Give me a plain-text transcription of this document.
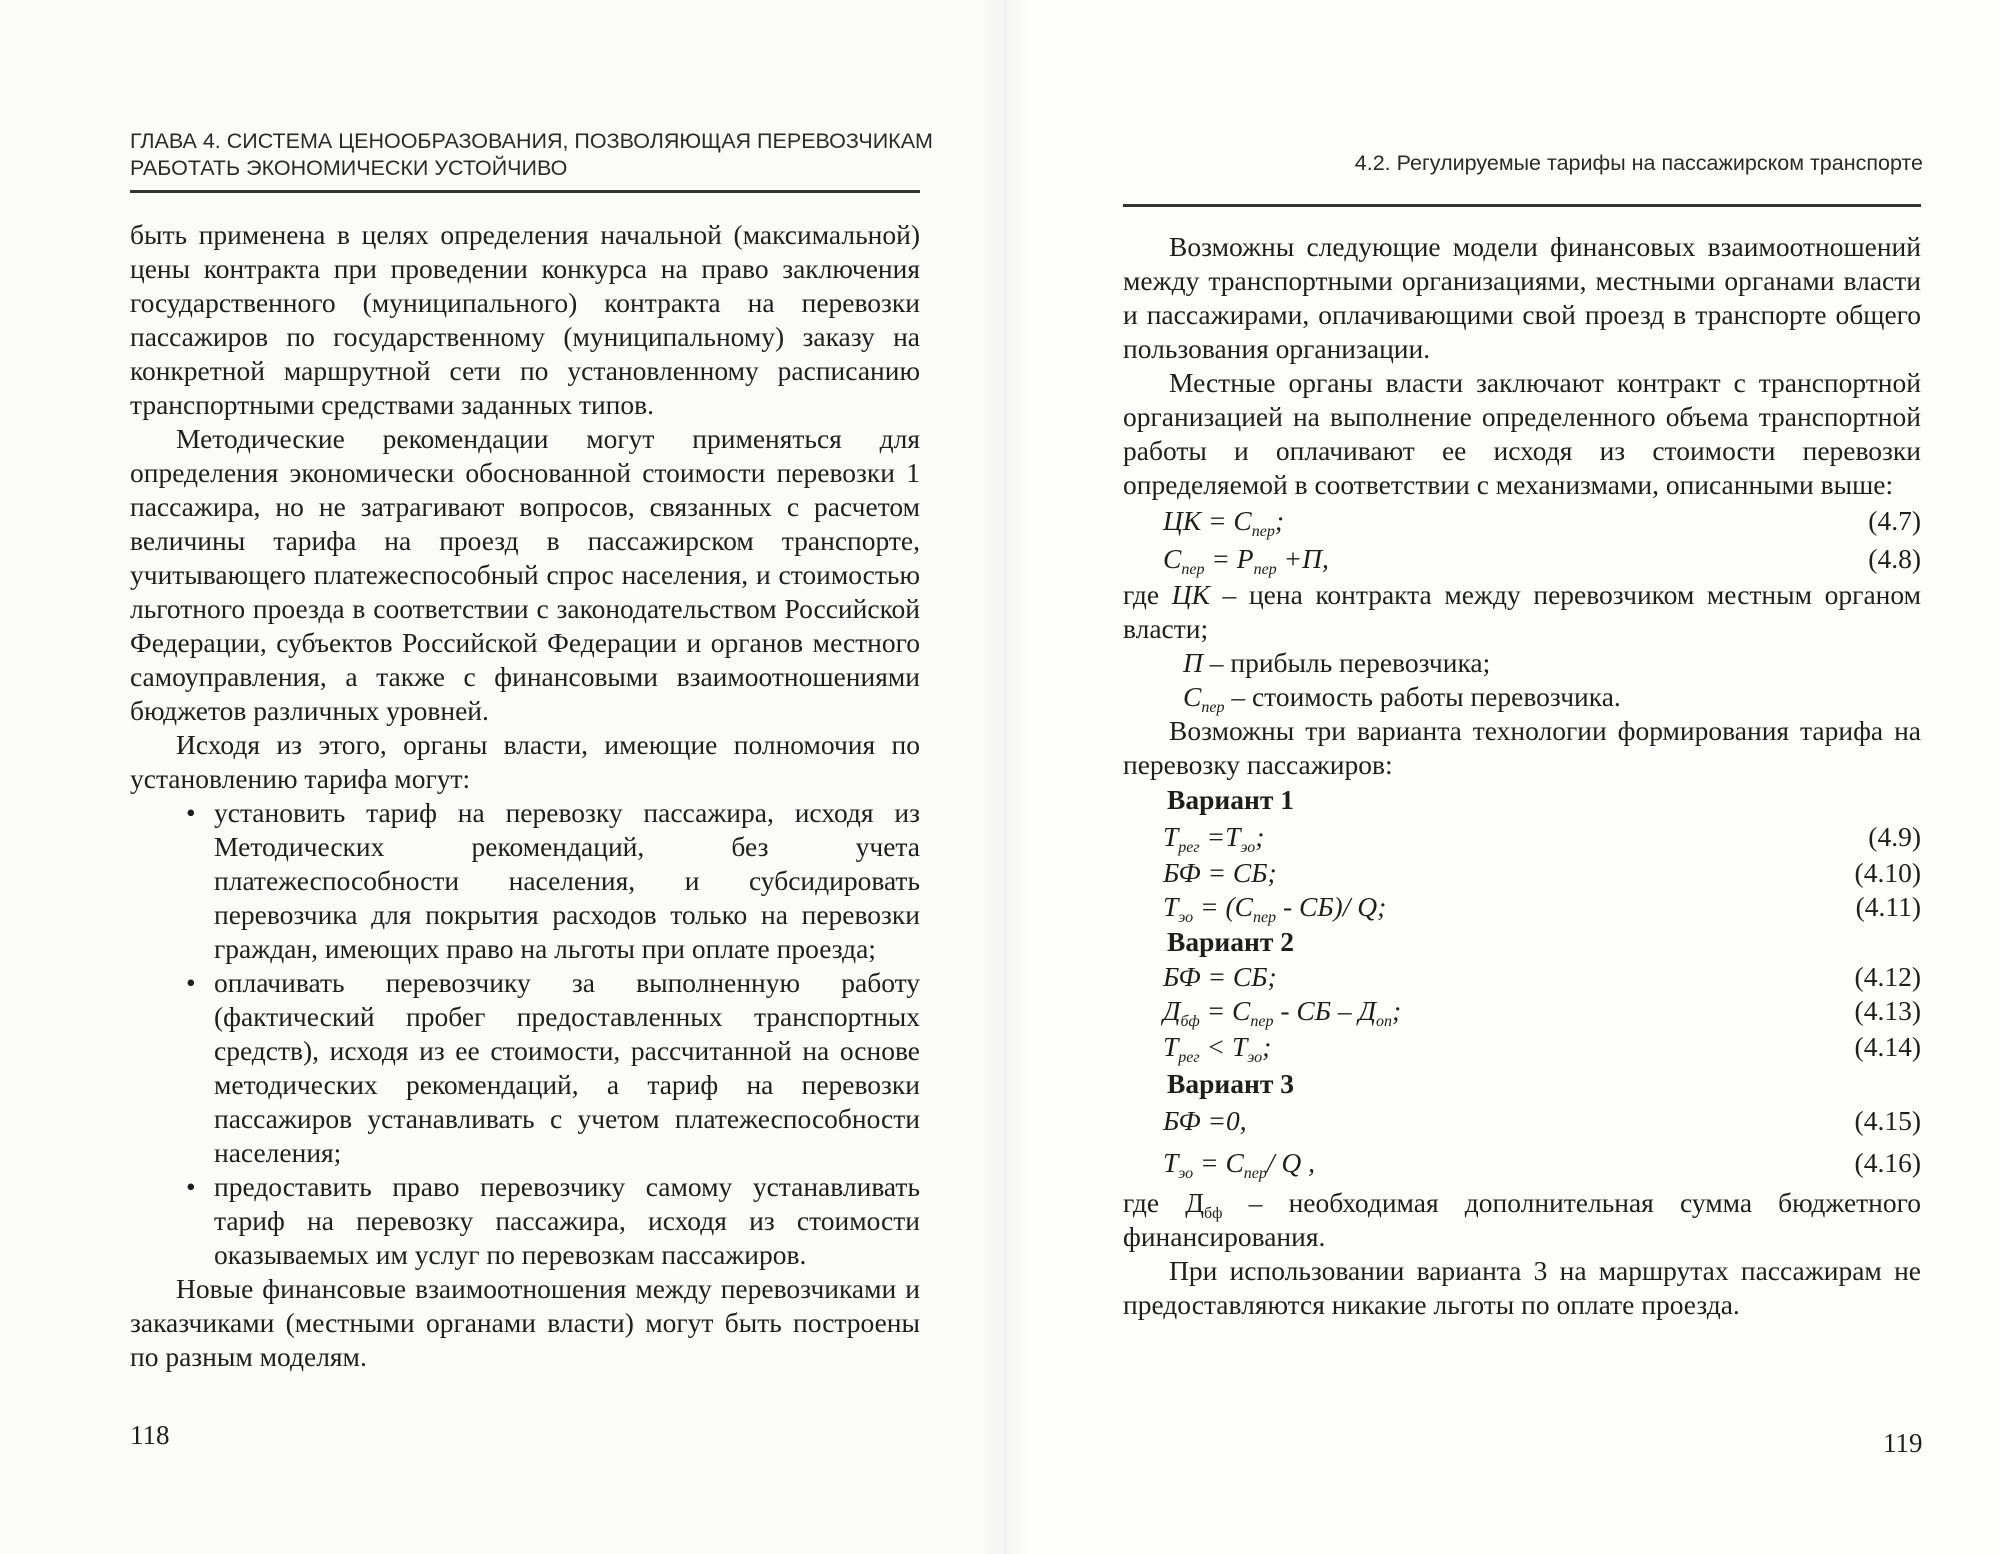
ГЛАВА 4. СИСТЕМА ЦЕНООБРАЗОВАНИЯ, ПОЗВОЛЯЮЩАЯ ПЕРЕВОЗЧИКАМ
РАБОТАТЬ ЭКОНОМИЧЕСКИ УСТОЙЧИВО

быть применена в целях определения начальной (максимальной) цены контракта при проведении конкурса на право заключения государственного (муниципального) контракта на перевозки пассажиров по государственному (муниципальному) заказу на конкретной маршрутной сети по установленному расписанию транспортными средствами заданных типов.

Методические рекомендации могут применяться для определения экономически обоснованной стоимости перевозки 1 пассажира, но не затрагивают вопросов, связанных с расчетом величины тарифа на проезд в пассажирском транспорте, учитывающего платежеспособный спрос населения, и стоимостью льготного проезда в соответствии с законодательством Российской Федерации, субъектов Российской Федерации и органов местного самоуправления, а также с финансовыми взаимоотношениями бюджетов различных уровней.

Исходя из этого, органы власти, имеющие полномочия по установлению тарифа могут:

• установить тариф на перевозку пассажира, исходя из Методических рекомендаций, без учета платежеспособности населения, и субсидировать перевозчика для покрытия расходов только на перевозки граждан, имеющих право на льготы при оплате проезда;
• оплачивать перевозчику за выполненную работу (фактический пробег предоставленных транспортных средств), исходя из ее стоимости, рассчитанной на основе методических рекомендаций, а тариф на перевозки пассажиров устанавливать с учетом платежеспособности населения;
• предоставить право перевозчику самому устанавливать тариф на перевозку пассажира, исходя из стоимости оказываемых им услуг по перевозкам пассажиров.

Новые финансовые взаимоотношения между перевозчиками и заказчиками (местными органами власти) могут быть построены по разным моделям.

118
4.2. Регулируемые тарифы на пассажирском транспорте

Возможны следующие модели финансовых взаимоотношений между транспортными организациями, местными органами власти и пассажирами, оплачивающими свой проезд в транспорте общего пользования организации.

Местные органы власти заключают контракт с транспортной организацией на выполнение определенного объема транспортной работы и оплачивают ее исходя из стоимости перевозки определяемой в соответствии с механизмами, описанными выше:

ЦК = $С_{пер}$;	(4.7)
$С_{пер} = Р_{пер} +П$,	(4.8)

где ЦК – цена контракта между перевозчиком местным органом власти;

П – прибыль перевозчика;

$С_{пер}$ – стоимость работы перевозчика.

Возможны три варианта технологии формирования тарифа на перевозку пассажиров:

Вариант 1
$Т_{рег} =Т_{эо}$;	(4.9)
БФ = СБ;	(4.10)
$Т_{эо} = (С_{пер} - СБ)/$ Q;	(4.11)
Вариант 2
БФ = СБ;	(4.12)
$Д_{бф} = С_{пер}$ - СБ – $Д_{оп}$;	(4.13)
$Т_{рег} < Т_{эо}$;	(4.14)
Вариант 3
БФ =0,	(4.15)
$Т_{эо} = С_{пер}/$ Q ,	(4.16)

где $Д_{бф}$ – необходимая дополнительная сумма бюджетного финансирования.

При использовании варианта 3 на маршрутах пассажирам не предоставляются никакие льготы по оплате проезда.

119
